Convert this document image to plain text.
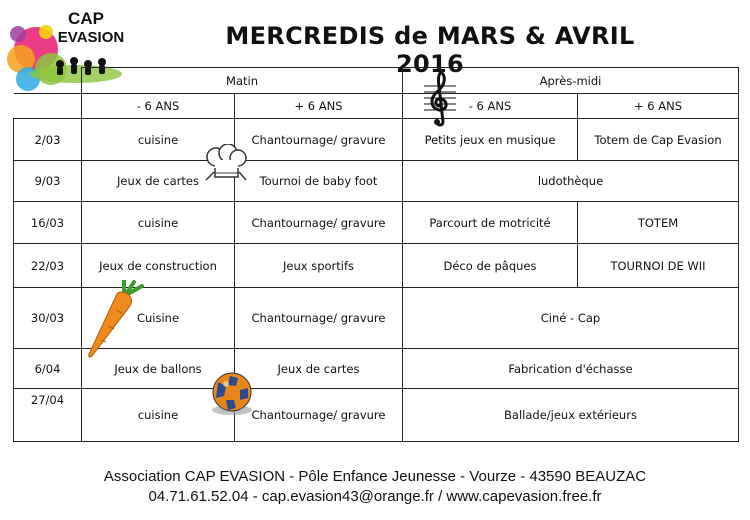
CAP
EVASION	MERCREDIS de MARS & AVRIL 2016
	Matin		Après-midi	
	- 6 ANS	+ 6 ANS	- 6 ANS	+ 6 ANS
2/03	cuisine	Chantournage/ gravure	Petits jeux en musique	Totem de Cap Evasion
9/03	Jeux de cartes	Tournoi de baby foot	ludothèque	
16/03	cuisine	Chantournage/ gravure	Parcourt de motricité	TOTEM
22/03	Jeux de construction	Jeux sportifs	Déco de pâques	TOURNOI DE WII
30/03	Cuisine	Chantournage/ gravure	Ciné - Cap	
6/04	Jeux de ballons	Jeux de cartes	Fabrication d'échasse	
27/04	cuisine	Chantournage/ gravure	Ballade/jeux extérieurs	
Association CAP EVASION - Pôle Enfance Jeunesse - Vourze - 43590 BEAUZAC
04.71.61.52.04 - cap.evasion43@orange.fr / www.capevasion.free.fr
